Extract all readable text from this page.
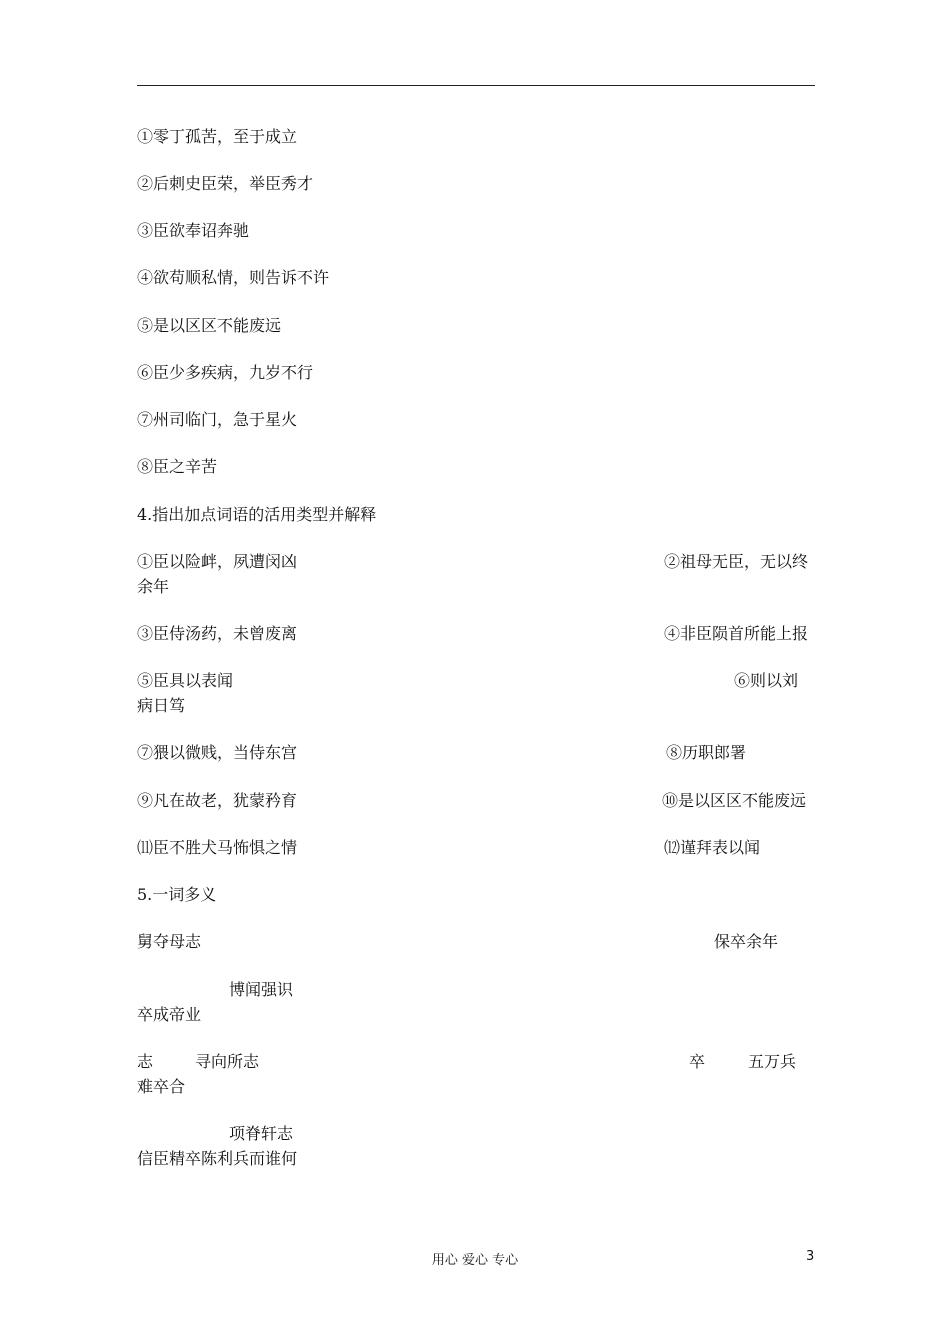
①零丁孤苦，至于成立
②后刺史臣荣，举臣秀才
③臣欲奉诏奔驰
④欲苟顺私情，则告诉不许
⑤是以区区不能废远
⑥臣少多疾病，九岁不行
⑦州司临门，急于星火
⑧臣之辛苦
4.指出加点词语的活用类型并解释
①臣以险衅，夙遭闵凶	②祖母无臣，无以终
余年
③臣侍汤药，未曾废离	④非臣陨首所能上报
⑤臣具以表闻	⑥则以刘
病日笃
⑦猥以微贱，当侍东宫	⑧历职郎署
⑨凡在故老，犹蒙矜育	⑩是以区区不能废远
⑾臣不胜犬马怖惧之情	⑿谨拜表以闻
5.一词多义
舅夺母志	保卒余年
博闻强识
卒成帝业
志	寻向所志	卒	五万兵
难卒合
项脊轩志
信臣精卒陈利兵而谁何
用心 爱心 专心	3
